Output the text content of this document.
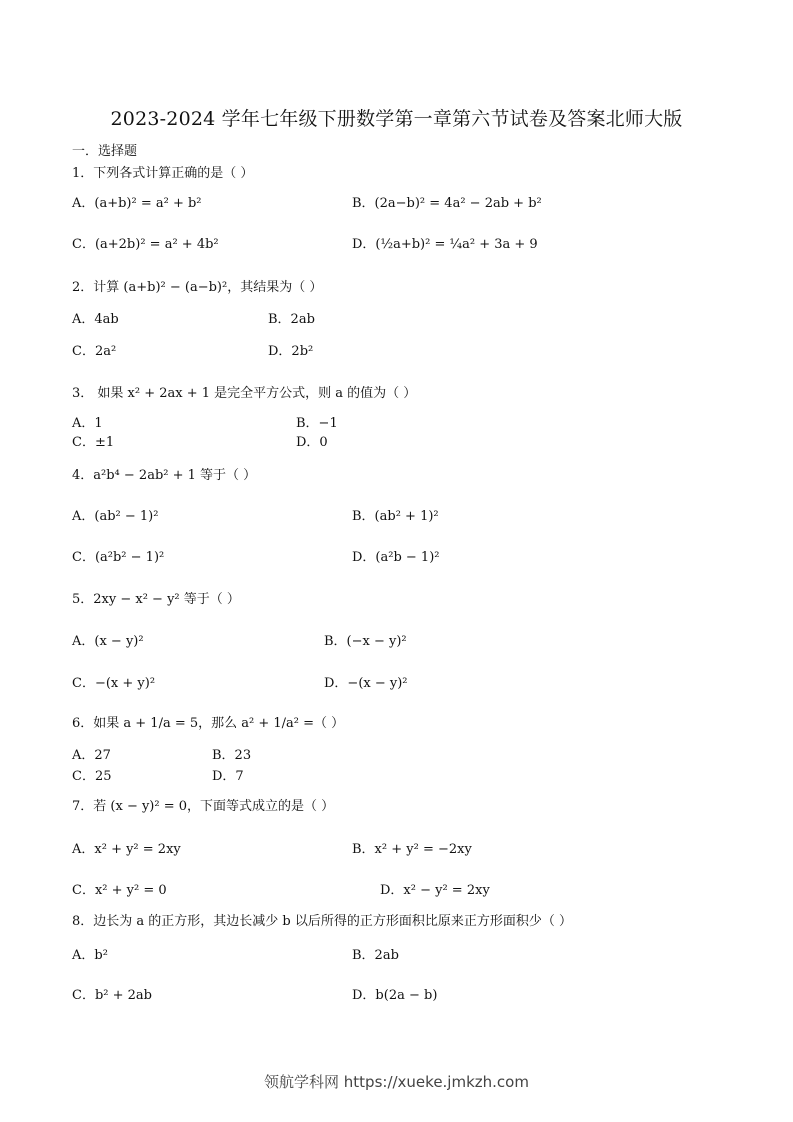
2023-2024 学年七年级下册数学第一章第六节试卷及答案北师大版
一．选择题
1．下列各式计算正确的是（ ）
A．(a+b)² = a² + b²	B．(2a−b)² = 4a² − 2ab + b²
C．(a+2b)² = a² + 4b²	D．(½a+b)² = ¼a² + 3a + 9
2．计算 (a+b)² − (a−b)²，其结果为（ ）
A．4ab	B．2ab
C．2a²	D．2b²
3． 如果 x² + 2ax + 1 是完全平方公式，则 a 的值为（ ）
A．1	B．−1
C．±1	D．0
4．a²b⁴ − 2ab² + 1 等于（ ）
A．(ab² − 1)²	B．(ab² + 1)²
C．(a²b² − 1)²	D．(a²b − 1)²
5．2xy − x² − y² 等于（ ）
A．(x − y)²	B．(−x − y)²
C．−(x + y)²	D．−(x − y)²
6．如果 a + 1/a = 5，那么 a² + 1/a² =（ ）
A．27	B．23
C．25	D．7
7．若 (x − y)² = 0，下面等式成立的是（ ）
A．x² + y² = 2xy	B．x² + y² = −2xy
C．x² + y² = 0	D．x² − y² = 2xy
8．边长为 a 的正方形，其边长减少 b 以后所得的正方形面积比原来正方形面积少（ ）
A．b²	B．2ab
C．b² + 2ab	D．b(2a − b)
领航学科网 https://xueke.jmkzh.com
